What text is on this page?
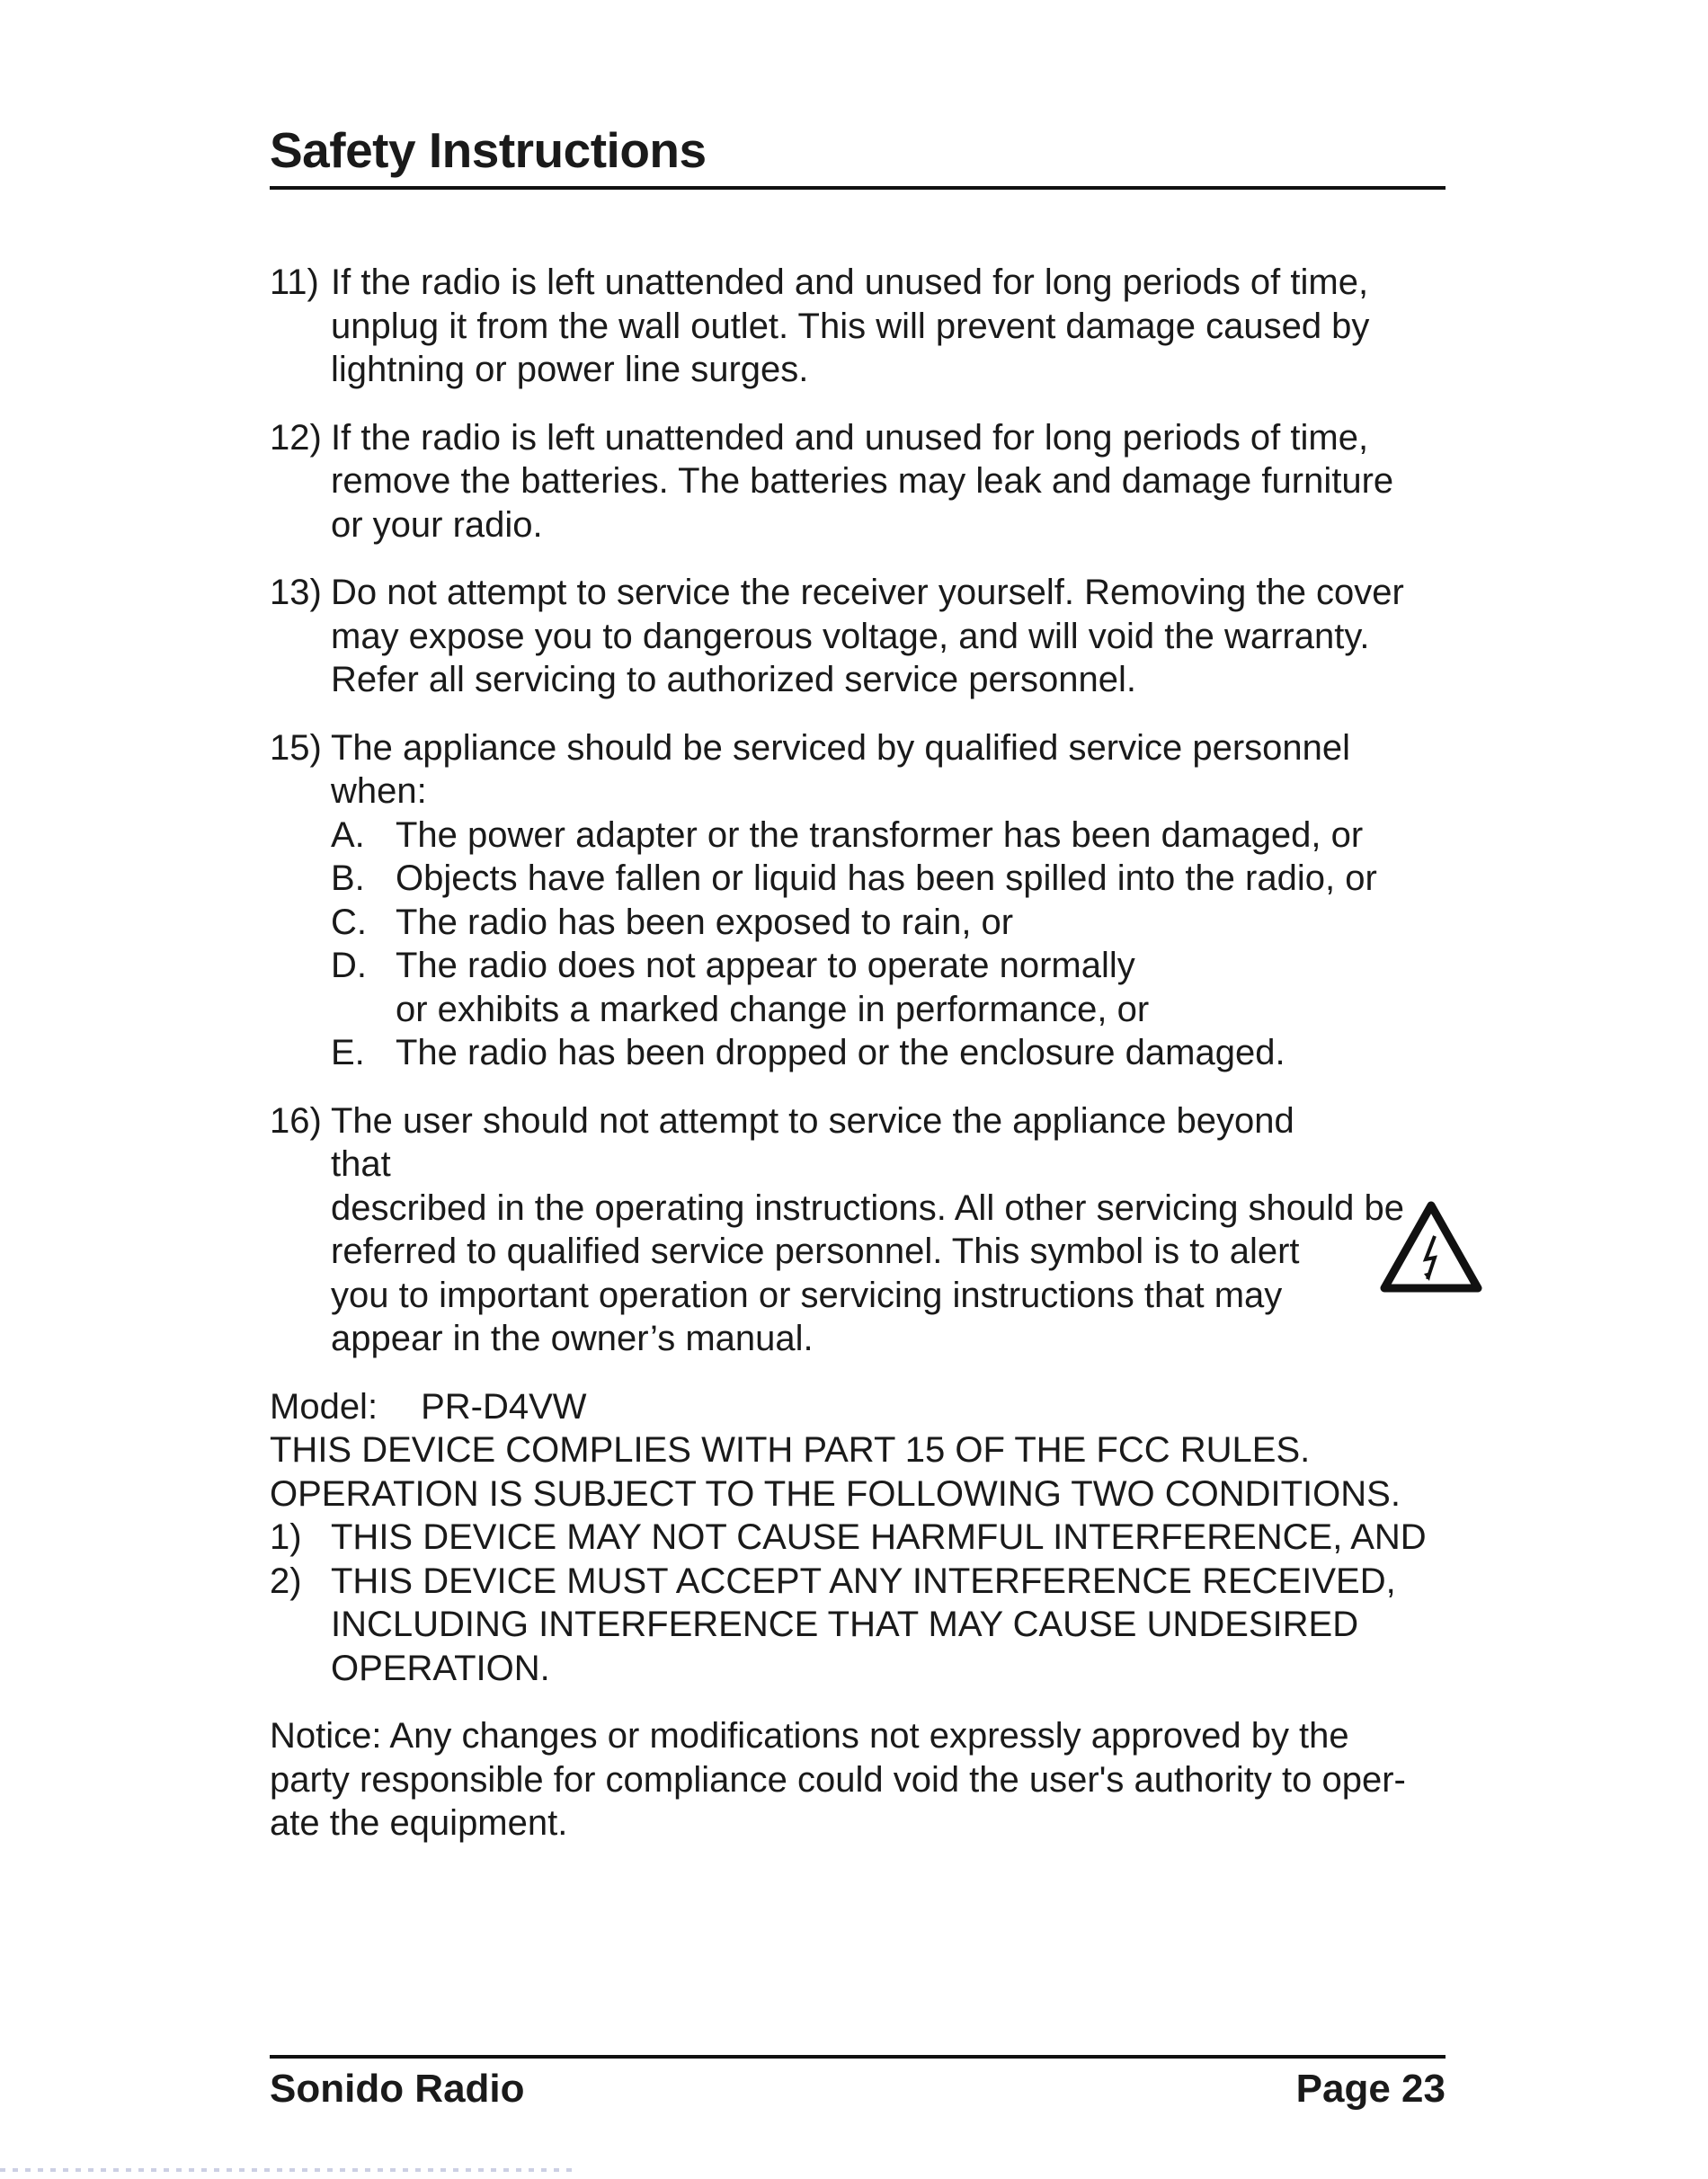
Safety Instructions
11) If the radio is left unattended and unused for long periods of time,
unplug it from the wall outlet. This will prevent damage caused by
lightning or power line surges.
12) If the radio is left unattended and unused for long periods of time,
remove the batteries. The batteries may leak and damage furniture
or your radio.
13) Do not attempt to service the receiver yourself. Removing the cover
may expose you to dangerous voltage, and will void the warranty.
Refer all servicing to authorized service personnel.
15) The appliance should be serviced by qualified service personnel
when:
A. The power adapter or the transformer has been damaged, or
B. Objects have fallen or liquid has been spilled into the radio, or
C. The radio has been exposed to rain, or
D. The radio does not appear to operate normally or exhibits a marked change in performance, or
E. The radio has been dropped or the enclosure damaged.
16) The user should not attempt to service the appliance beyond that
described in the operating instructions. All other servicing should be
referred to qualified service personnel. This symbol is to alert
you to important operation or servicing instructions that may
appear in the owner’s manual.
Model: PR-D4VW
THIS DEVICE COMPLIES WITH PART 15 OF THE FCC RULES.
OPERATION IS SUBJECT TO THE FOLLOWING TWO CONDITIONS.
1) THIS DEVICE MAY NOT CAUSE HARMFUL INTERFERENCE, AND
2) THIS DEVICE MUST ACCEPT ANY INTERFERENCE RECEIVED, INCLUDING INTERFERENCE THAT MAY CAUSE UNDESIRED OPERATION.
Notice: Any changes or modifications not expressly approved by the party responsible for compliance could void the user's authority to oper-ate the equipment.
Sonido Radio	Page 23
